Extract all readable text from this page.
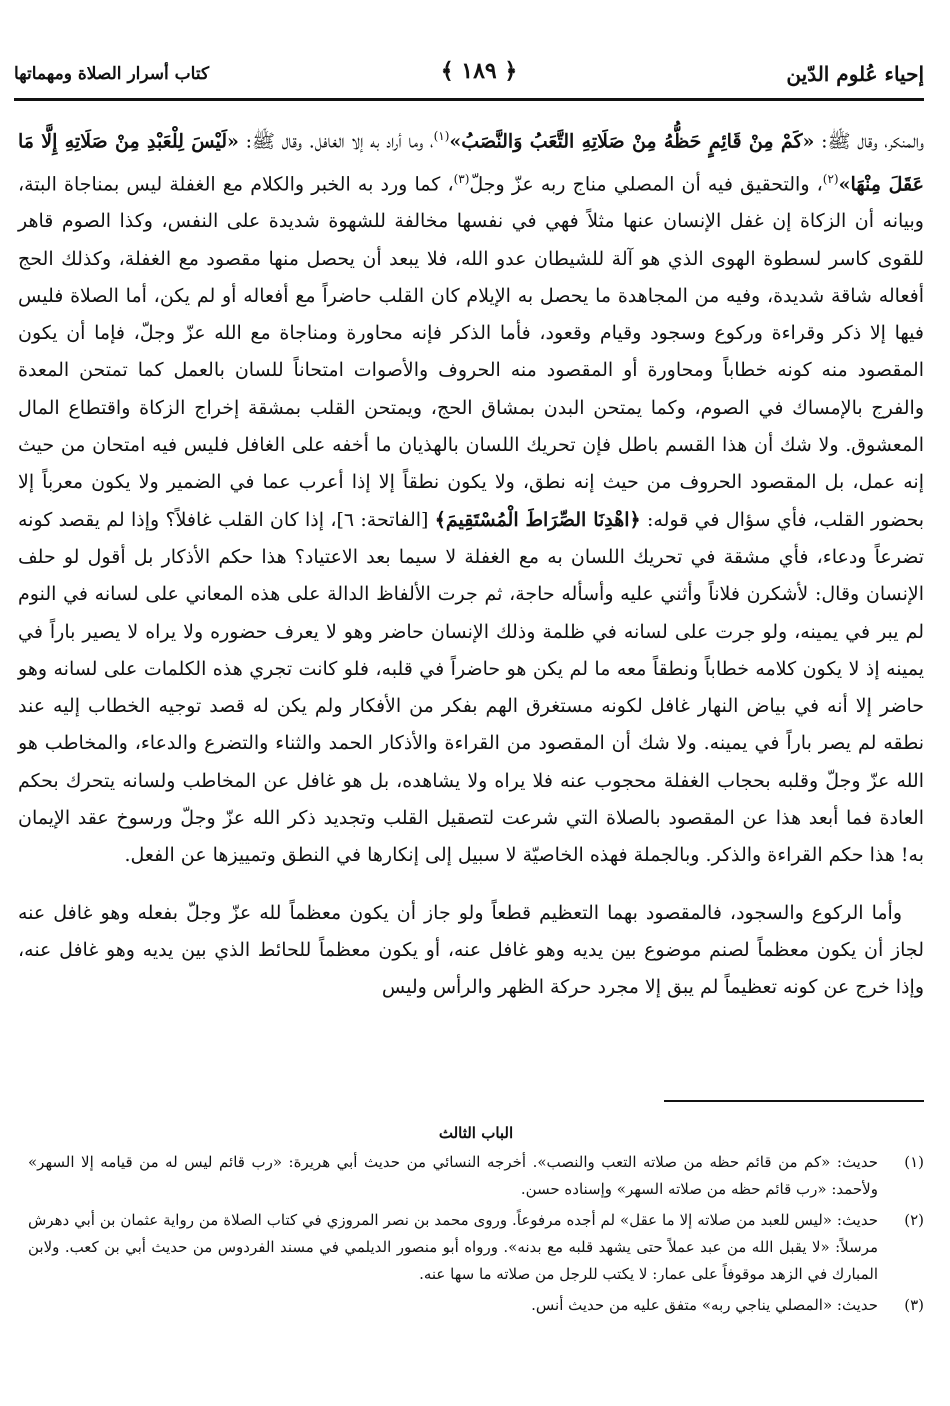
إحياء عُلوم الدّين
﴿ ١٨٩ ﴾
كتاب أسرار الصلاة ومهماتها

والمنكر، وقال ﷺ: «كَمْ مِنْ قَائِمٍ حَظُّهُ مِنْ صَلَاتِهِ التَّعَبُ وَالنَّصَبُ»$^{(١)}$، وما أراد به إلا الغافل. وقال ﷺ: «لَيْسَ لِلْعَبْدِ مِنْ صَلَاتِهِ إِلَّا مَا عَقَلَ مِنْهَا»$^{(٢)}$، والتحقيق فيه أن المصلي مناج ربه عزّ وجلّ$^{(٣)}$، كما ورد به الخبر والكلام مع الغفلة ليس بمناجاة البتة، وبيانه أن الزكاة إن غفل الإنسان عنها مثلاً فهي في نفسها مخالفة للشهوة شديدة على النفس، وكذا الصوم قاهر للقوى كاسر لسطوة الهوى الذي هو آلة للشيطان عدو الله، فلا يبعد أن يحصل منها مقصود مع الغفلة، وكذلك الحج أفعاله شاقة شديدة، وفيه من المجاهدة ما يحصل به الإيلام كان القلب حاضراً مع أفعاله أو لم يكن، أما الصلاة فليس فيها إلا ذكر وقراءة وركوع وسجود وقيام وقعود، فأما الذكر فإنه محاورة ومناجاة مع الله عزّ وجلّ، فإما أن يكون المقصود منه كونه خطاباً ومحاورة أو المقصود منه الحروف والأصوات امتحاناً للسان بالعمل كما تمتحن المعدة والفرج بالإمساك في الصوم، وكما يمتحن البدن بمشاق الحج، ويمتحن القلب بمشقة إخراج الزكاة واقتطاع المال المعشوق. ولا شك أن هذا القسم باطل فإن تحريك اللسان بالهذيان ما أخفه على الغافل فليس فيه امتحان من حيث إنه عمل، بل المقصود الحروف من حيث إنه نطق، ولا يكون نطقاً إلا إذا أعرب عما في الضمير ولا يكون معرباً إلا بحضور القلب، فأي سؤال في قوله: ﴿اهْدِنَا الصِّرَاطَ الْمُسْتَقِيمَ﴾ [الفاتحة: ٦]، إذا كان القلب غافلاً؟ وإذا لم يقصد كونه تضرعاً ودعاء، فأي مشقة في تحريك اللسان به مع الغفلة لا سيما بعد الاعتياد؟ هذا حكم الأذكار بل أقول لو حلف الإنسان وقال: لأشكرن فلاناً وأثني عليه وأسأله حاجة، ثم جرت الألفاظ الدالة على هذه المعاني على لسانه في النوم لم يبر في يمينه، ولو جرت على لسانه في ظلمة وذلك الإنسان حاضر وهو لا يعرف حضوره ولا يراه لا يصير باراً في يمينه إذ لا يكون كلامه خطاباً ونطقاً معه ما لم يكن هو حاضراً في قلبه، فلو كانت تجري هذه الكلمات على لسانه وهو حاضر إلا أنه في بياض النهار غافل لكونه مستغرق الهم بفكر من الأفكار ولم يكن له قصد توجيه الخطاب إليه عند نطقه لم يصر باراً في يمينه. ولا شك أن المقصود من القراءة والأذكار الحمد والثناء والتضرع والدعاء، والمخاطب هو الله عزّ وجلّ وقلبه بحجاب الغفلة محجوب عنه فلا يراه ولا يشاهده، بل هو غافل عن المخاطب ولسانه يتحرك بحكم العادة فما أبعد هذا عن المقصود بالصلاة التي شرعت لتصقيل القلب وتجديد ذكر الله عزّ وجلّ ورسوخ عقد الإيمان به! هذا حكم القراءة والذكر. وبالجملة فهذه الخاصيّة لا سبيل إلى إنكارها في النطق وتمييزها عن الفعل.

وأما الركوع والسجود، فالمقصود بهما التعظيم قطعاً ولو جاز أن يكون معظماً لله عزّ وجلّ بفعله وهو غافل عنه لجاز أن يكون معظماً لصنم موضوع بين يديه وهو غافل عنه، أو يكون معظماً للحائط الذي بين يديه وهو غافل عنه، وإذا خرج عن كونه تعظيماً لم يبق إلا مجرد حركة الظهر والرأس وليس

الباب الثالث
(١)
حديث: «كم من قائم حظه من صلاته التعب والنصب». أخرجه النسائي من حديث أبي هريرة: «رب قائم ليس له من قيامه إلا السهر» ولأحمد: «رب قائم حظه من صلاته السهر» وإسناده حسن.
(٢)
حديث: «ليس للعبد من صلاته إلا ما عقل» لم أجده مرفوعاً. وروى محمد بن نصر المروزي في كتاب الصلاة من رواية عثمان بن أبي دهرش مرسلاً: «لا يقبل الله من عبد عملاً حتى يشهد قلبه مع بدنه». ورواه أبو منصور الديلمي في مسند الفردوس من حديث أبي بن كعب. ولابن المبارك في الزهد موقوفاً على عمار: لا يكتب للرجل من صلاته ما سها عنه.
(٣)
حديث: «المصلي يناجي ربه» متفق عليه من حديث أنس.
